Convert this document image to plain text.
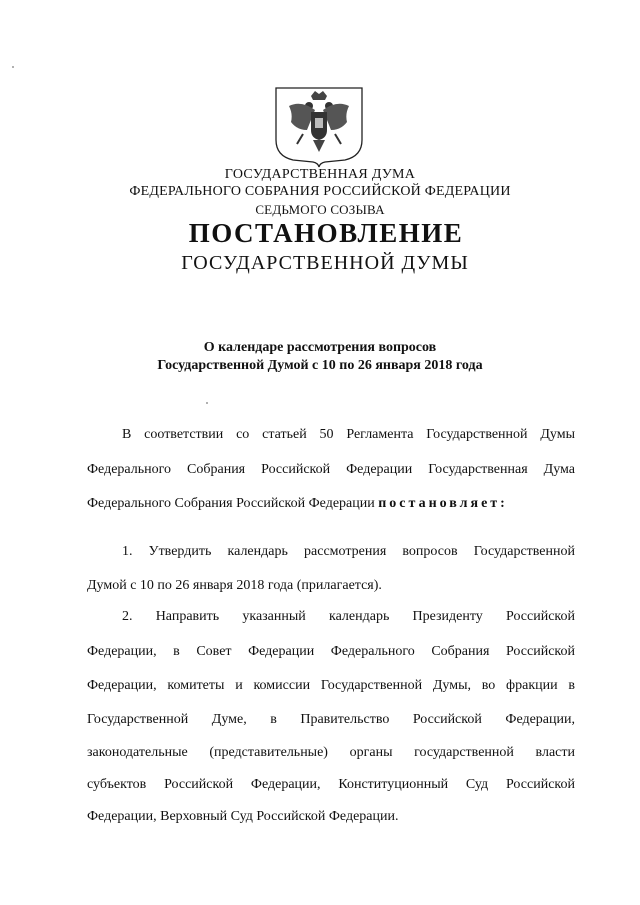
ГОСУДАРСТВЕННАЯ ДУМА
ФЕДЕРАЛЬНОГО СОБРАНИЯ РОССИЙСКОЙ ФЕДЕРАЦИИ
СЕДЬМОГО СОЗЫВА
ПОСТАНОВЛЕНИЕ
ГОСУДАРСТВЕННОЙ ДУМЫ
О календаре рассмотрения вопросов
Государственной Думой с 10 по 26 января 2018 года
В соответствии со статьей 50 Регламента Государственной Думы
Федерального Собрания Российской Федерации Государственная Дума
Федерального Собрания Российской Федерации постановляет:
1. Утвердить календарь рассмотрения вопросов Государственной
Думой с 10 по 26 января 2018 года (прилагается).
2. Направить указанный календарь Президенту Российской
Федерации, в Совет Федерации Федерального Собрания Российской
Федерации, комитеты и комиссии Государственной Думы, во фракции в
Государственной Думе, в Правительство Российской Федерации,
законодательные (представительные) органы государственной власти
субъектов Российской Федерации, Конституционный Суд Российской
Федерации, Верховный Суд Российской Федерации.
